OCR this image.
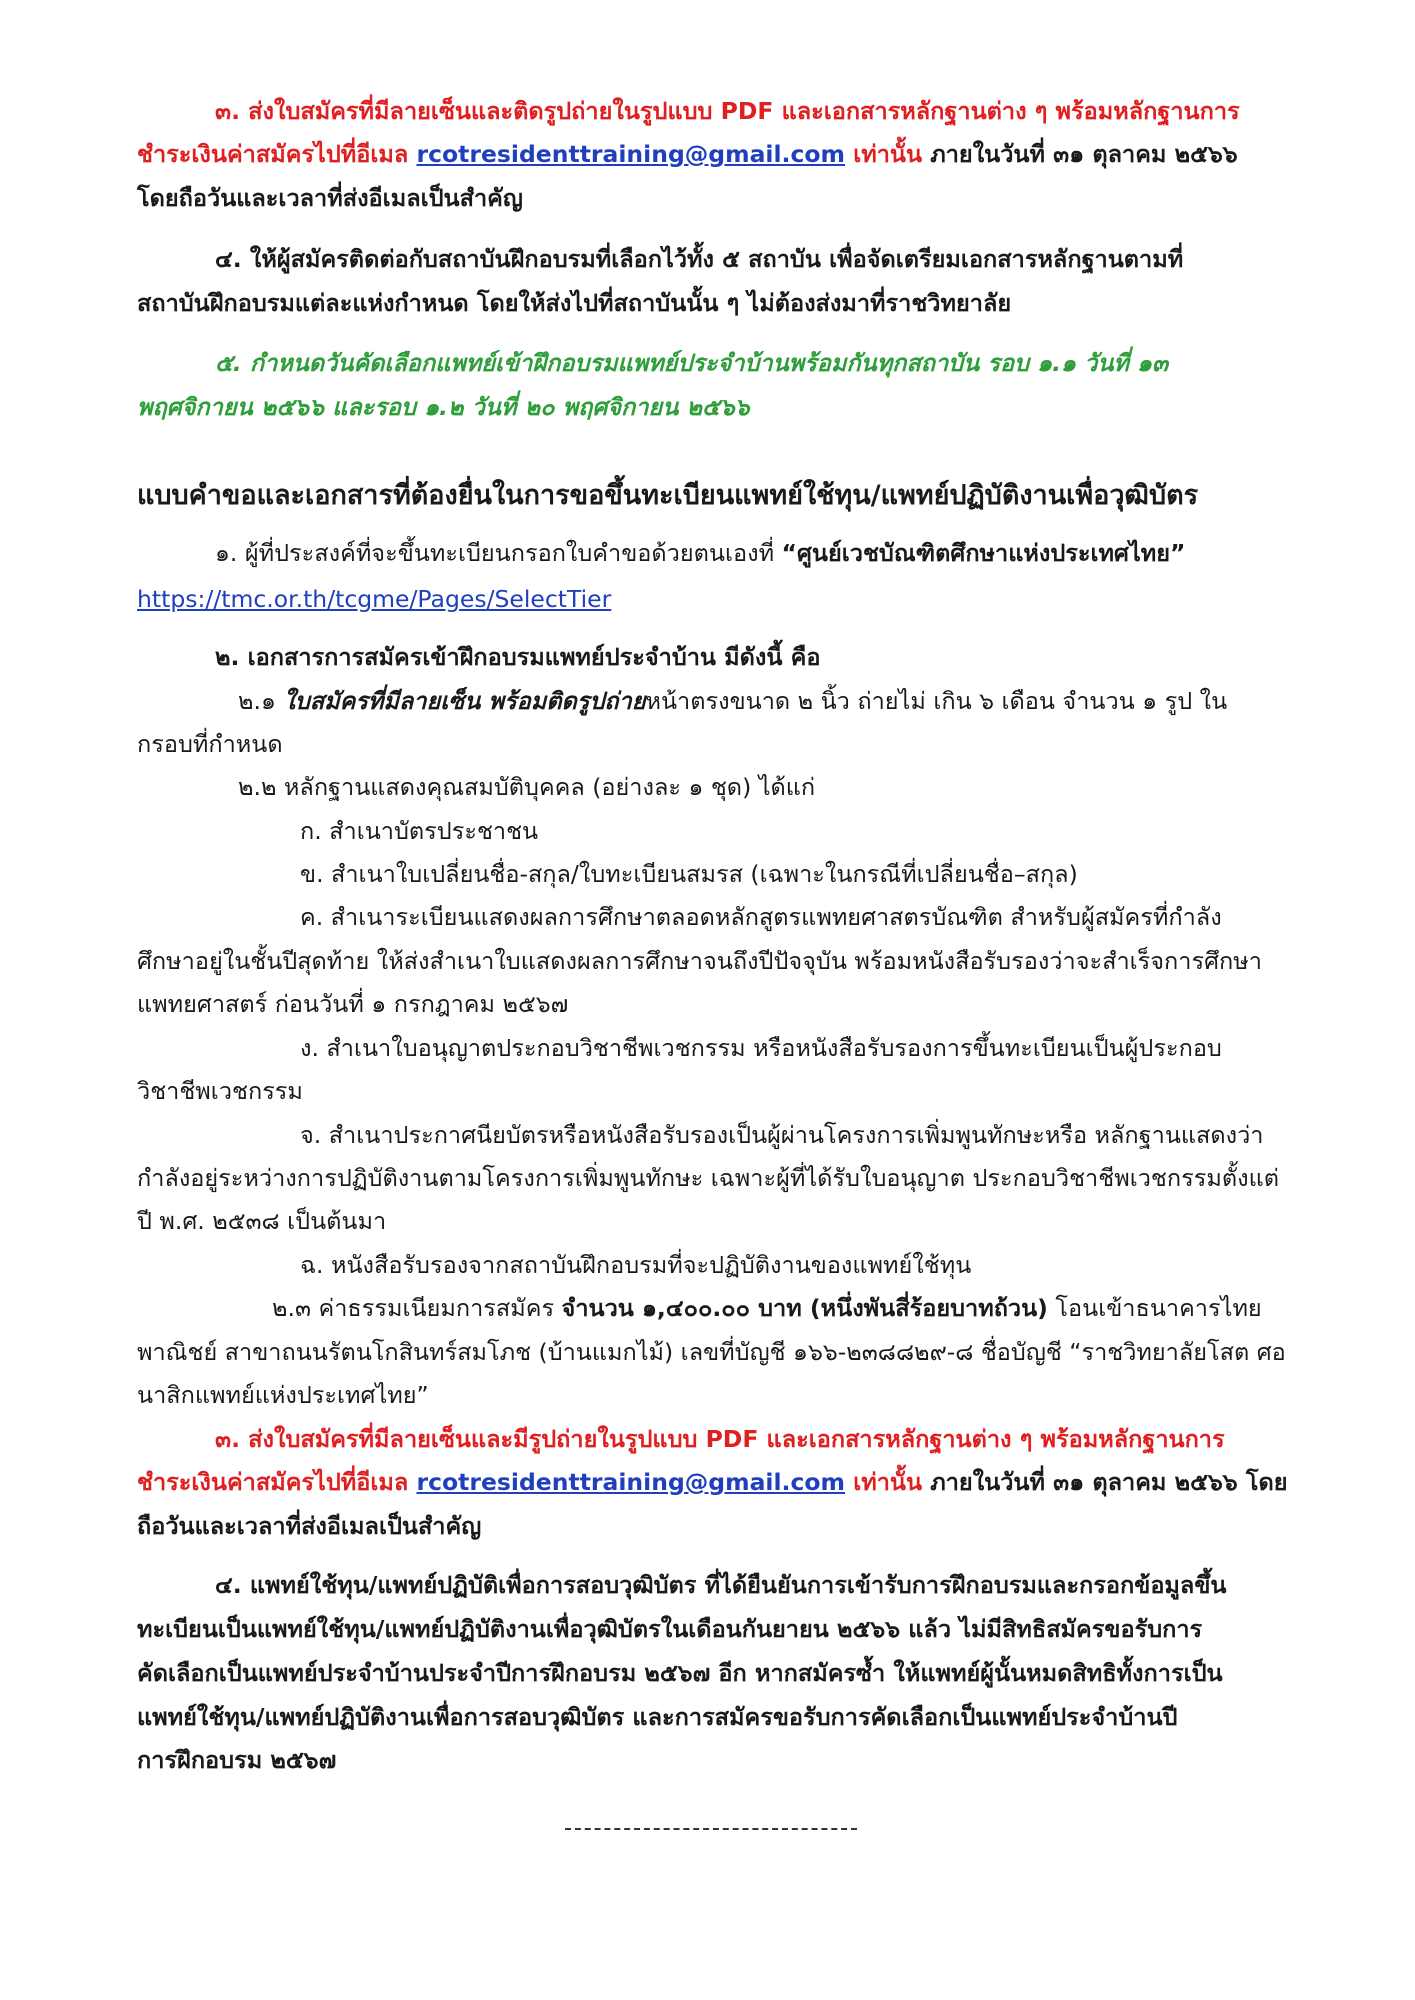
๓. ส่งใบสมัครที่มีลายเซ็นและติดรูปถ่ายในรูปแบบ PDF และเอกสารหลักฐานต่าง ๆ พร้อมหลักฐานการ
ชำระเงินค่าสมัครไปที่อีเมล rcotresidenttraining@gmail.com เท่านั้น ภายในวันที่ ๓๑ ตุลาคม ๒๕๖๖
โดยถือวันและเวลาที่ส่งอีเมลเป็นสำคัญ
๔. ให้ผู้สมัครติดต่อกับสถาบันฝึกอบรมที่เลือกไว้ทั้ง ๕ สถาบัน เพื่อจัดเตรียมเอกสารหลักฐานตามที่
สถาบันฝึกอบรมแต่ละแห่งกำหนด โดยให้ส่งไปที่สถาบันนั้น ๆ ไม่ต้องส่งมาที่ราชวิทยาลัย
๕. กำหนดวันคัดเลือกแพทย์เข้าฝึกอบรมแพทย์ประจำบ้านพร้อมกันทุกสถาบัน รอบ ๑.๑ วันที่ ๑๓
พฤศจิกายน ๒๕๖๖ และรอบ ๑.๒ วันที่ ๒๐ พฤศจิกายน ๒๕๖๖
แบบคำขอและเอกสารที่ต้องยื่นในการขอขึ้นทะเบียนแพทย์ใช้ทุน/แพทย์ปฏิบัติงานเพื่อวุฒิบัตร
๑. ผู้ที่ประสงค์ที่จะขึ้นทะเบียนกรอกใบคำขอด้วยตนเองที่ “ศูนย์เวชบัณฑิตศึกษาแห่งประเทศไทย”
https://tmc.or.th/tcgme/Pages/SelectTier
๒. เอกสารการสมัครเข้าฝึกอบรมแพทย์ประจำบ้าน มีดังนี้ คือ
๒.๑ ใบสมัครที่มีลายเซ็น พร้อมติดรูปถ่ายหน้าตรงขนาด ๒ นิ้ว ถ่ายไม่ เกิน ๖ เดือน จำนวน ๑ รูป ใน
กรอบที่กำหนด
๒.๒ หลักฐานแสดงคุณสมบัติบุคคล (อย่างละ ๑ ชุด) ได้แก่
ก. สำเนาบัตรประชาชน
ข. สำเนาใบเปลี่ยนชื่อ-สกุล/ใบทะเบียนสมรส (เฉพาะในกรณีที่เปลี่ยนชื่อ–สกุล)
ค. สำเนาระเบียนแสดงผลการศึกษาตลอดหลักสูตรแพทยศาสตรบัณฑิต สำหรับผู้สมัครที่กำลัง
ศึกษาอยู่ในชั้นปีสุดท้าย ให้ส่งสำเนาใบแสดงผลการศึกษาจนถึงปีปัจจุบัน พร้อมหนังสือรับรองว่าจะสำเร็จการศึกษา
แพทยศาสตร์ ก่อนวันที่ ๑ กรกฎาคม ๒๕๖๗
ง. สำเนาใบอนุญาตประกอบวิชาชีพเวชกรรม หรือหนังสือรับรองการขึ้นทะเบียนเป็นผู้ประกอบ
วิชาชีพเวชกรรม
จ. สำเนาประกาศนียบัตรหรือหนังสือรับรองเป็นผู้ผ่านโครงการเพิ่มพูนทักษะหรือ หลักฐานแสดงว่า
กำลังอยู่ระหว่างการปฏิบัติงานตามโครงการเพิ่มพูนทักษะ เฉพาะผู้ที่ได้รับใบอนุญาต ประกอบวิชาชีพเวชกรรมตั้งแต่
ปี พ.ศ. ๒๕๓๘ เป็นต้นมา
ฉ. หนังสือรับรองจากสถาบันฝึกอบรมที่จะปฏิบัติงานของแพทย์ใช้ทุน
๒.๓ ค่าธรรมเนียมการสมัคร จำนวน ๑,๔๐๐.๐๐ บาท (หนึ่งพันสี่ร้อยบาทถ้วน) โอนเข้าธนาคารไทย
พาณิชย์ สาขาถนนรัตนโกสินทร์สมโภช (บ้านแมกไม้) เลขที่บัญชี ๑๖๖-๒๓๘๘๒๙-๘ ชื่อบัญชี “ราชวิทยาลัยโสต ศอ
นาสิกแพทย์แห่งประเทศไทย”
๓. ส่งใบสมัครที่มีลายเซ็นและมีรูปถ่ายในรูปแบบ PDF และเอกสารหลักฐานต่าง ๆ พร้อมหลักฐานการ
ชำระเงินค่าสมัครไปที่อีเมล rcotresidenttraining@gmail.com เท่านั้น ภายในวันที่ ๓๑ ตุลาคม ๒๕๖๖ โดย
ถือวันและเวลาที่ส่งอีเมลเป็นสำคัญ
๔. แพทย์ใช้ทุน/แพทย์ปฏิบัติเพื่อการสอบวุฒิบัตร ที่ได้ยืนยันการเข้ารับการฝึกอบรมและกรอกข้อมูลขึ้น
ทะเบียนเป็นแพทย์ใช้ทุน/แพทย์ปฏิบัติงานเพื่อวุฒิบัตรในเดือนกันยายน ๒๕๖๖ แล้ว ไม่มีสิทธิสมัครขอรับการ
คัดเลือกเป็นแพทย์ประจำบ้านประจำปีการฝึกอบรม ๒๕๖๗ อีก หากสมัครซ้ำ ให้แพทย์ผู้นั้นหมดสิทธิทั้งการเป็น
แพทย์ใช้ทุน/แพทย์ปฏิบัติงานเพื่อการสอบวุฒิบัตร และการสมัครขอรับการคัดเลือกเป็นแพทย์ประจำบ้านปี
การฝึกอบรม ๒๕๖๗
